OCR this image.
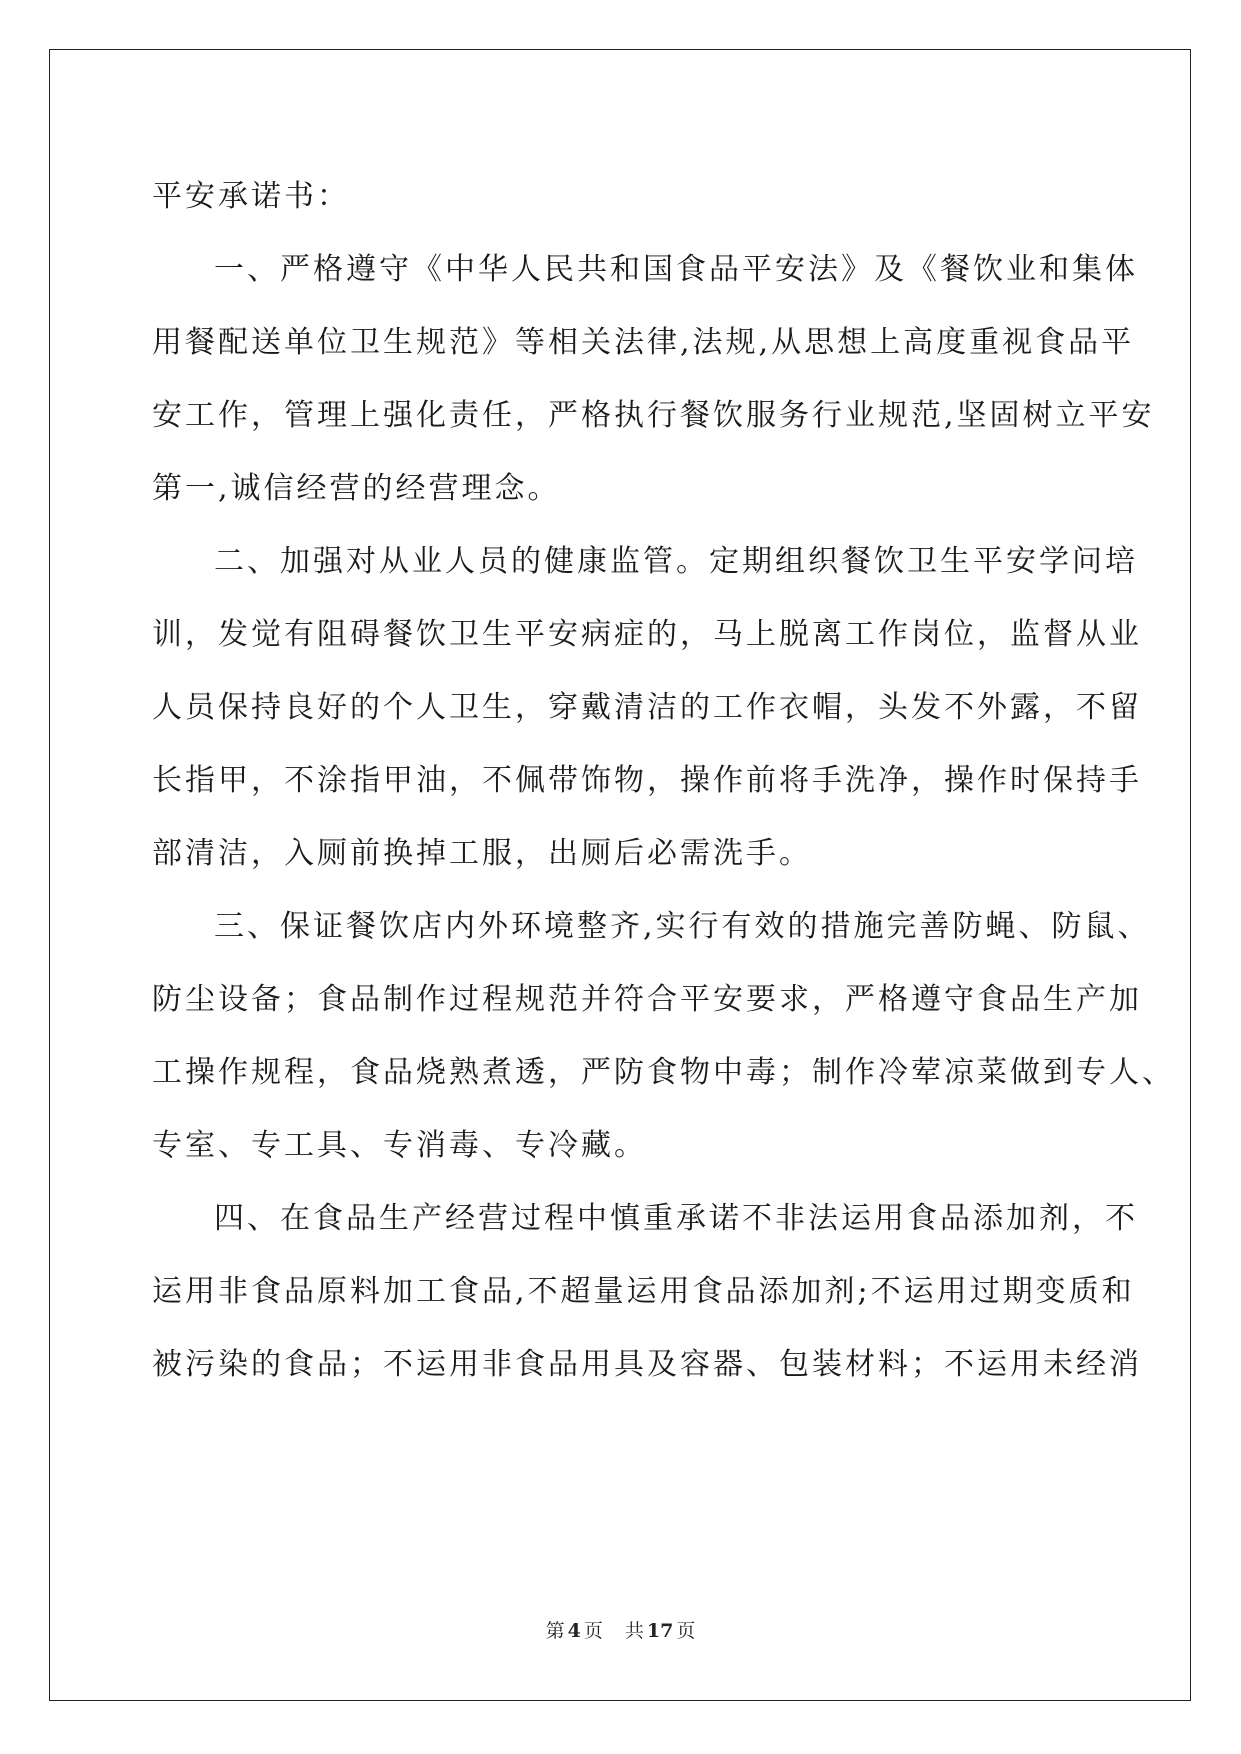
平安承诺书：

一、严格遵守《中华人民共和国食品平安法》及《餐饮业和集体

用餐配送单位卫生规范》等相关法律,法规,从思想上高度重视食品平

安工作，管理上强化责任，严格执行餐饮服务行业规范,坚固树立平安

第一,诚信经营的经营理念。

二、加强对从业人员的健康监管。定期组织餐饮卫生平安学问培

训，发觉有阻碍餐饮卫生平安病症的，马上脱离工作岗位，监督从业

人员保持良好的个人卫生，穿戴清洁的工作衣帽，头发不外露，不留

长指甲，不涂指甲油，不佩带饰物，操作前将手洗净，操作时保持手

部清洁，入厕前换掉工服，出厕后必需洗手。

三、保证餐饮店内外环境整齐,实行有效的措施完善防蝇、防鼠、

防尘设备；食品制作过程规范并符合平安要求，严格遵守食品生产加

工操作规程，食品烧熟煮透，严防食物中毒；制作冷荤凉菜做到专人、

专室、专工具、专消毒、专冷藏。

四、在食品生产经营过程中慎重承诺不非法运用食品添加剂，不

运用非食品原料加工食品,不超量运用食品添加剂;不运用过期变质和

被污染的食品；不运用非食品用具及容器、包装材料；不运用未经消

第 4 页 共 17 页
